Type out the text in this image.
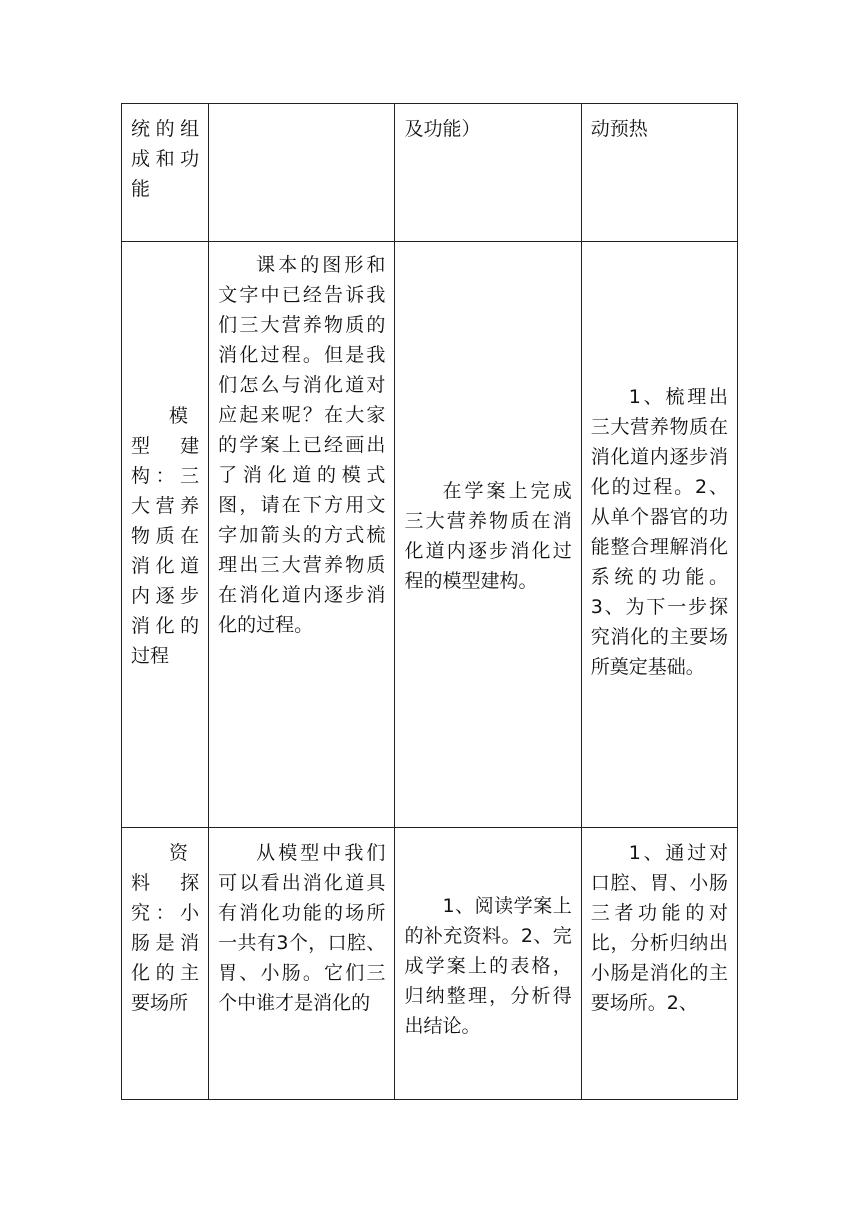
统的组成和功能		及功能）	动预热
模型建构：三大营养物质在消化道内逐步消化的过程	课本的图形和文字中已经告诉我们三大营养物质的消化过程。但是我们怎么与消化道对应起来呢？在大家的学案上已经画出了消化道的模式图，请在下方用文字加箭头的方式梳理出三大营养物质在消化道内逐步消化的过程。	在学案上完成三大营养物质在消化道内逐步消化过程的模型建构。	1、梳理出三大营养物质在消化道内逐步消化的过程。2、从单个器官的功能整合理解消化系统的功能。3、为下一步探究消化的主要场所奠定基础。
资料探究：小肠是消化的主要场所	从模型中我们可以看出消化道具有消化功能的场所一共有3个，口腔、胃、小肠。它们三个中谁才是消化的	1、阅读学案上的补充资料。2、完成学案上的表格，归纳整理，分析得出结论。	1、通过对口腔、胃、小肠三者功能的对比，分析归纳出小肠是消化的主要场所。2、
